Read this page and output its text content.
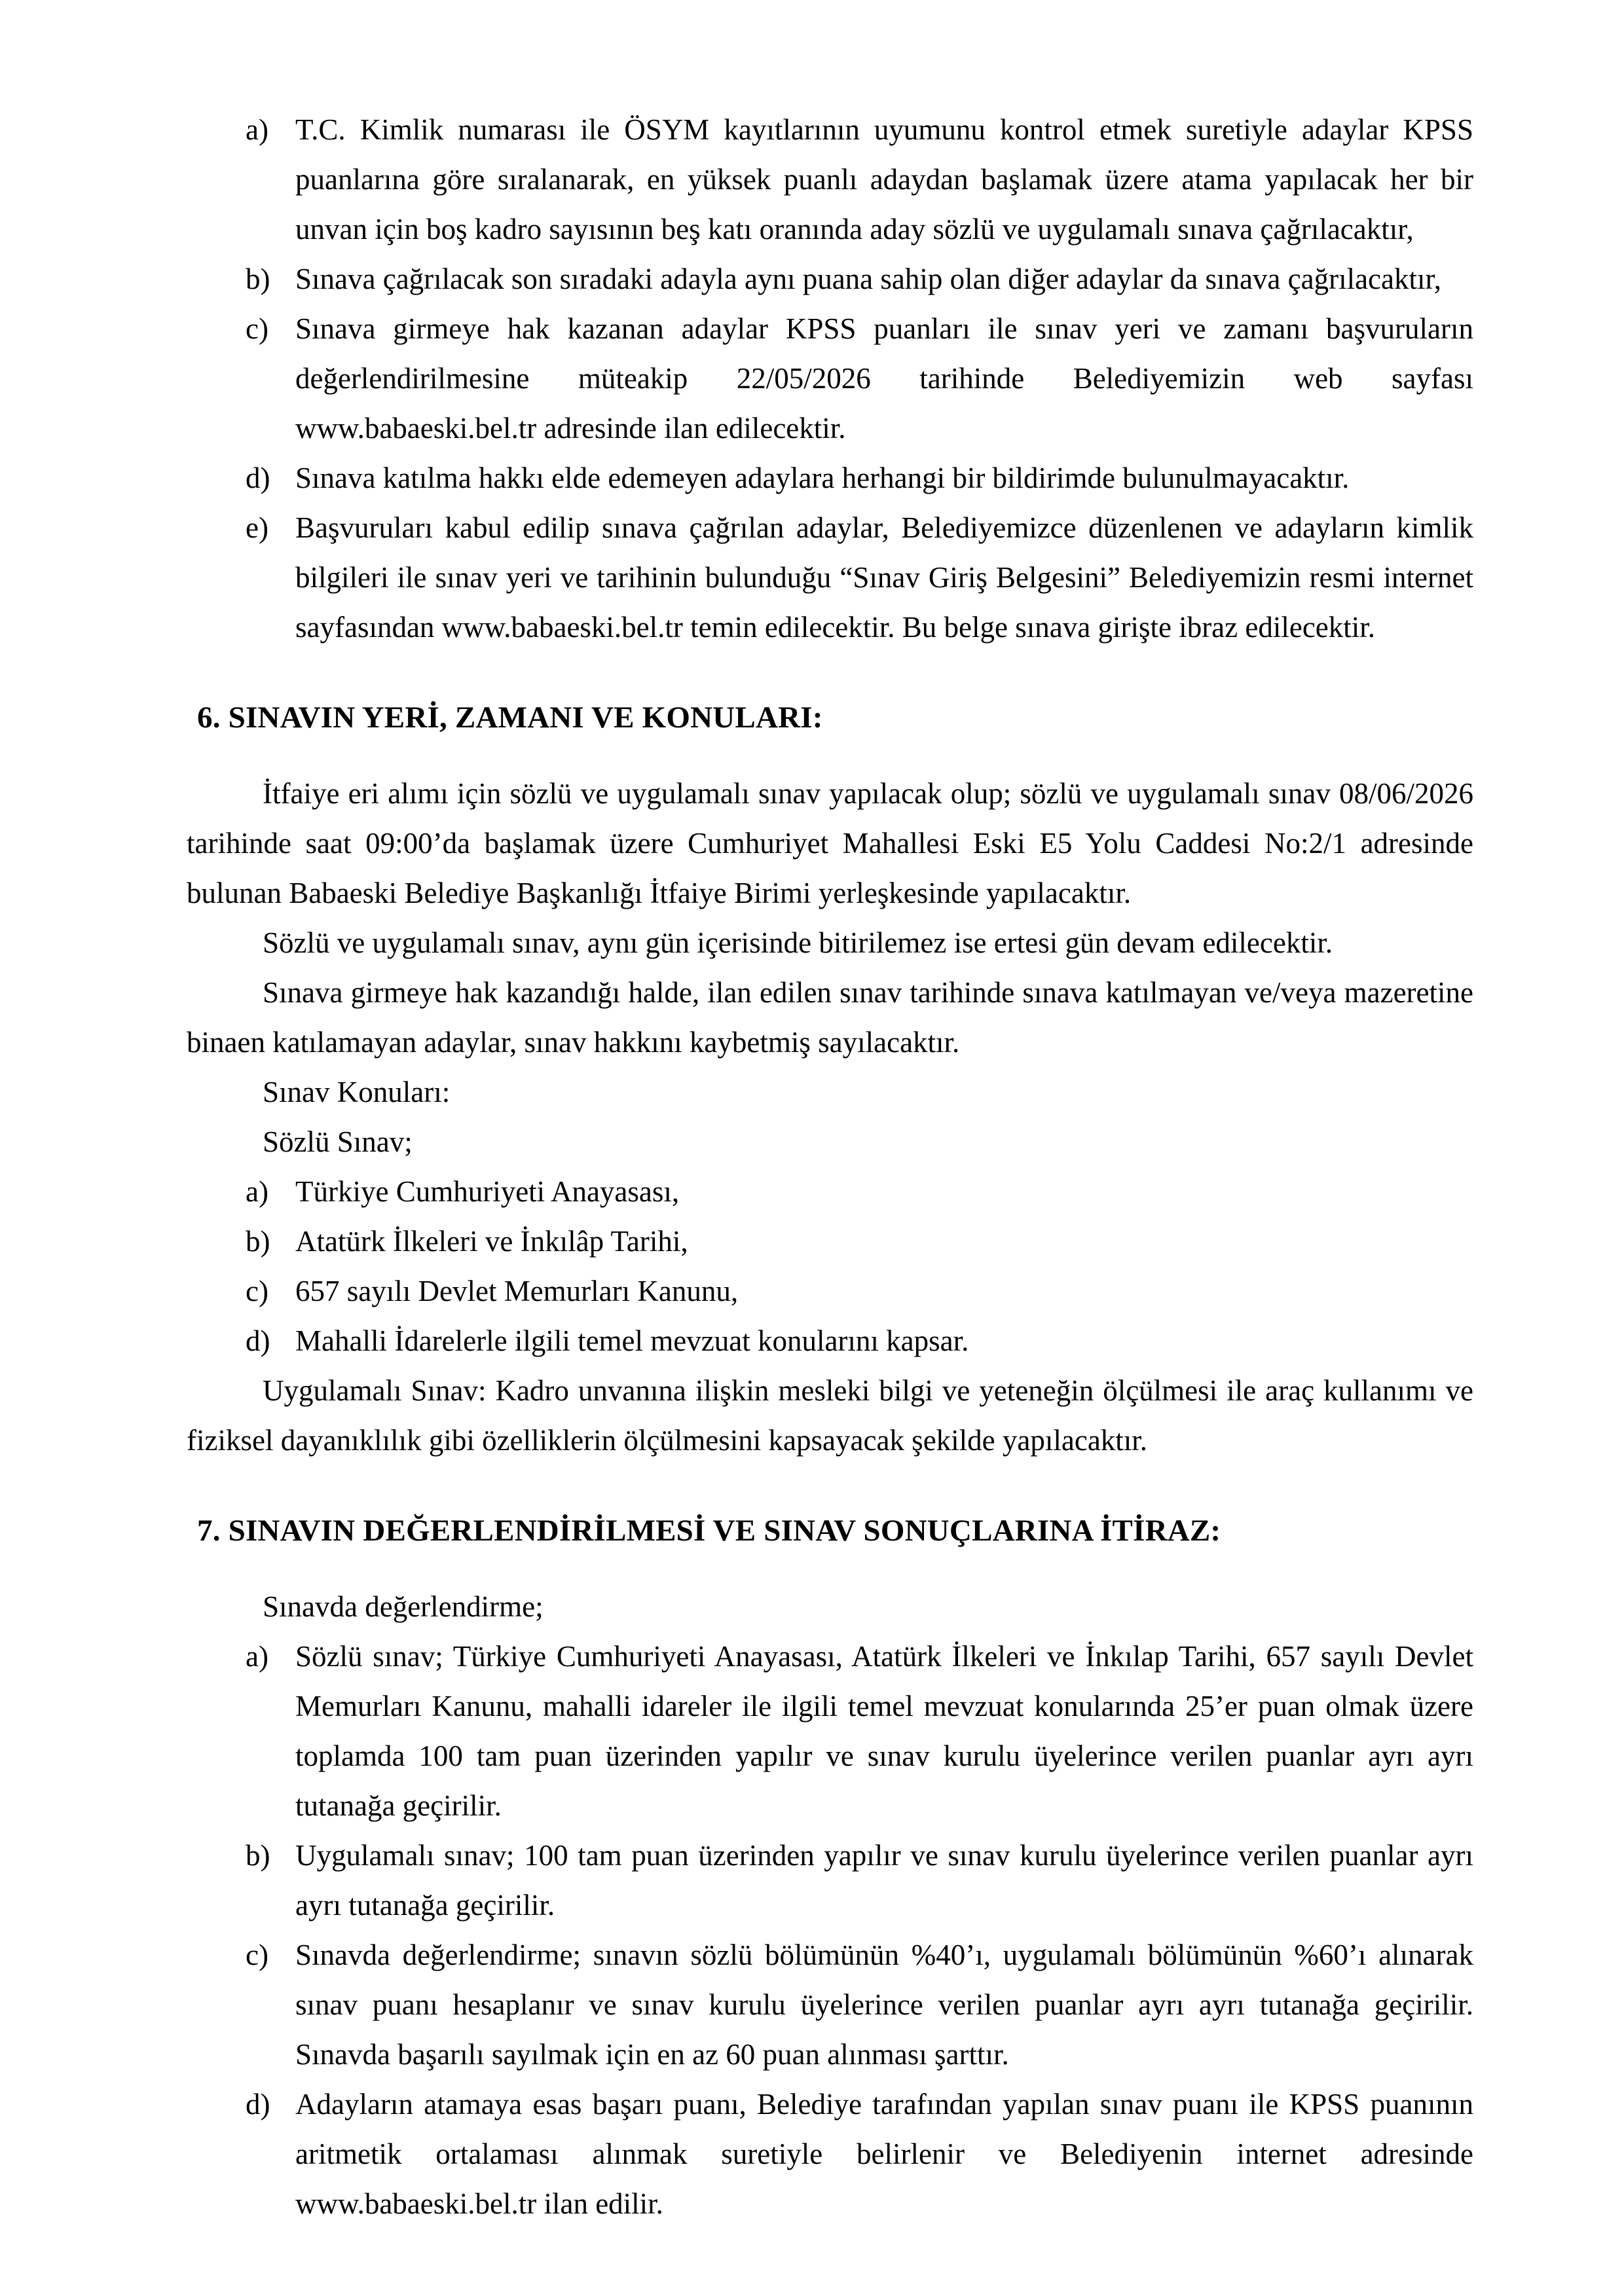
a) T.C. Kimlik numarası ile ÖSYM kayıtlarının uyumunu kontrol etmek suretiyle adaylar KPSS puanlarına göre sıralanarak, en yüksek puanlı adaydan başlamak üzere atama yapılacak her bir unvan için boş kadro sayısının beş katı oranında aday sözlü ve uygulamalı sınava çağrılacaktır,
b) Sınava çağrılacak son sıradaki adayla aynı puana sahip olan diğer adaylar da sınava çağrılacaktır,
c) Sınava girmeye hak kazanan adaylar KPSS puanları ile sınav yeri ve zamanı başvuruların değerlendirilmesine müteakip 22/05/2026 tarihinde Belediyemizin web sayfası www.babaeski.bel.tr adresinde ilan edilecektir.
d) Sınava katılma hakkı elde edemeyen adaylara herhangi bir bildirimde bulunulmayacaktır.
e) Başvuruları kabul edilip sınava çağrılan adaylar, Belediyemizce düzenlenen ve adayların kimlik bilgileri ile sınav yeri ve tarihinin bulunduğu “Sınav Giriş Belgesini” Belediyemizin resmi internet sayfasından www.babaeski.bel.tr temin edilecektir. Bu belge sınava girişte ibraz edilecektir.
6. SINAVIN YERİ, ZAMANI VE KONULARI:

İtfaiye eri alımı için sözlü ve uygulamalı sınav yapılacak olup; sözlü ve uygulamalı sınav 08/06/2026 tarihinde saat 09:00’da başlamak üzere Cumhuriyet Mahallesi Eski E5 Yolu Caddesi No:2/1 adresinde bulunan Babaeski Belediye Başkanlığı İtfaiye Birimi yerleşkesinde yapılacaktır.

Sözlü ve uygulamalı sınav, aynı gün içerisinde bitirilemez ise ertesi gün devam edilecektir.

Sınava girmeye hak kazandığı halde, ilan edilen sınav tarihinde sınava katılmayan ve/veya mazeretine binaen katılamayan adaylar, sınav hakkını kaybetmiş sayılacaktır.

Sınav Konuları:

Sözlü Sınav;

a) Türkiye Cumhuriyeti Anayasası,
b) Atatürk İlkeleri ve İnkılâp Tarihi,
c) 657 sayılı Devlet Memurları Kanunu,
d) Mahalli İdarelerle ilgili temel mevzuat konularını kapsar.

Uygulamalı Sınav: Kadro unvanına ilişkin mesleki bilgi ve yeteneğin ölçülmesi ile araç kullanımı ve fiziksel dayanıklılık gibi özelliklerin ölçülmesini kapsayacak şekilde yapılacaktır.

7. SINAVIN DEĞERLENDİRİLMESİ VE SINAV SONUÇLARINA İTİRAZ:

Sınavda değerlendirme;

a) Sözlü sınav; Türkiye Cumhuriyeti Anayasası, Atatürk İlkeleri ve İnkılap Tarihi, 657 sayılı Devlet Memurları Kanunu, mahalli idareler ile ilgili temel mevzuat konularında 25’er puan olmak üzere toplamda 100 tam puan üzerinden yapılır ve sınav kurulu üyelerince verilen puanlar ayrı ayrı tutanağa geçirilir.
b) Uygulamalı sınav; 100 tam puan üzerinden yapılır ve sınav kurulu üyelerince verilen puanlar ayrı ayrı tutanağa geçirilir.
c) Sınavda değerlendirme; sınavın sözlü bölümünün %40’ı, uygulamalı bölümünün %60’ı alınarak sınav puanı hesaplanır ve sınav kurulu üyelerince verilen puanlar ayrı ayrı tutanağa geçirilir. Sınavda başarılı sayılmak için en az 60 puan alınması şarttır.
d) Adayların atamaya esas başarı puanı, Belediye tarafından yapılan sınav puanı ile KPSS puanının aritmetik ortalaması alınmak suretiyle belirlenir ve Belediyenin internet adresinde www.babaeski.bel.tr ilan edilir.
